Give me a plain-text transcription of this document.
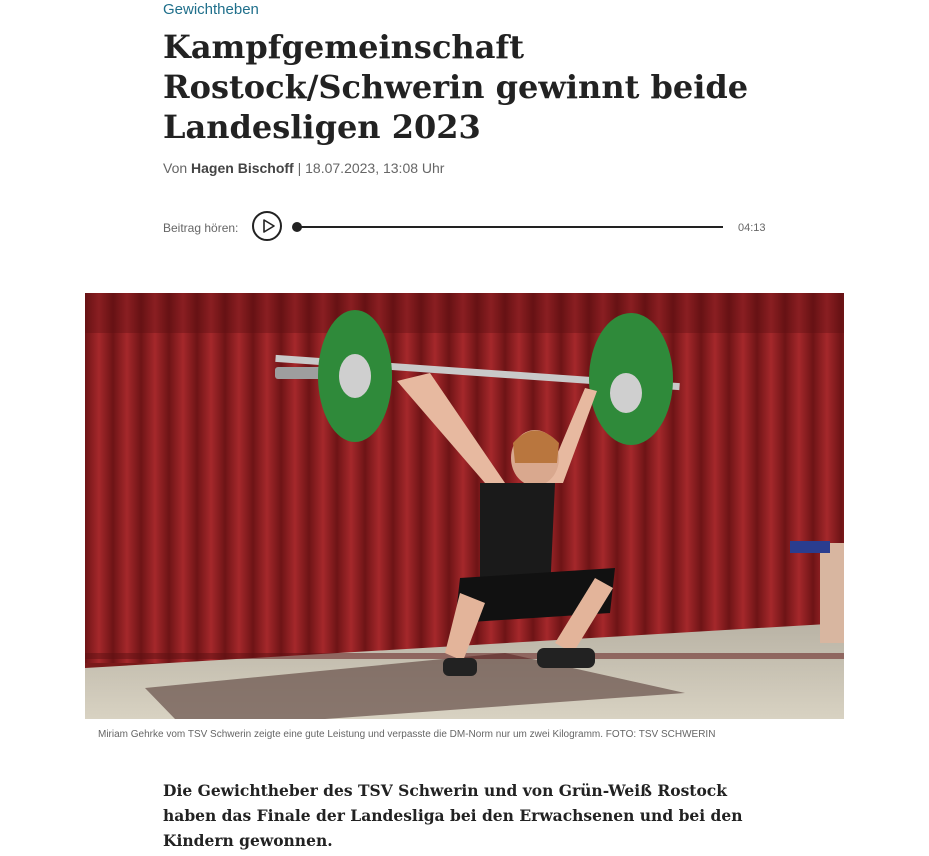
Gewichtheben
Kampfgemeinschaft Rostock/Schwerin gewinnt beide Landesligen 2023
Von Hagen Bischoff | 18.07.2023, 13:08 Uhr
Beitrag hören:	04:13
Miriam Gehrke vom TSV Schwerin zeigte eine gute Leistung und verpasste die DM-Norm nur um zwei Kilogramm. FOTO: TSV SCHWERIN

Die Gewichtheber des TSV Schwerin und von Grün-Weiß Rostock haben das Finale der Landesliga bei den Erwachsenen und bei den Kindern gewonnen.
